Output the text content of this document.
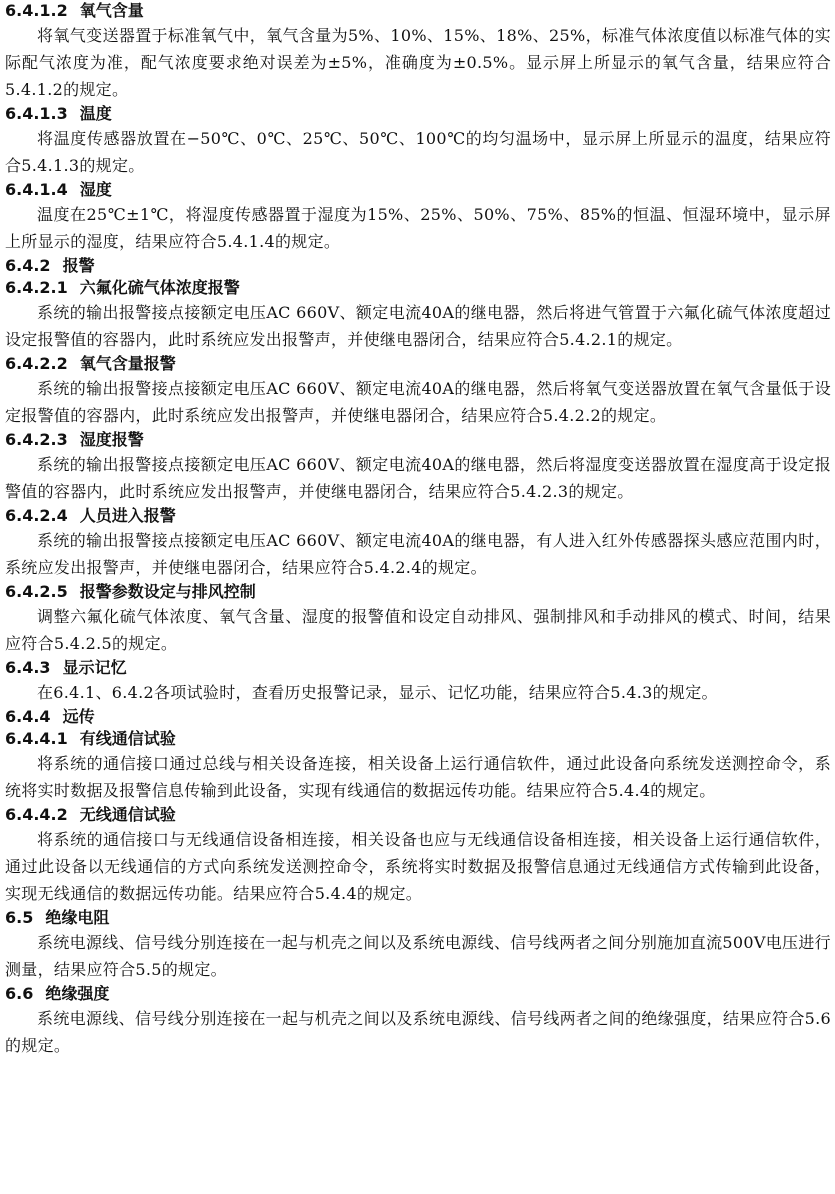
6.4.1.2 氧气含量

将氧气变送器置于标准氧气中，氧气含量为5%、10%、15%、18%、25%，标准气体浓度值以标准气体的实际配气浓度为准，配气浓度要求绝对误差为±5%，准确度为±0.5%。显示屏上所显示的氧气含量，结果应符合5.4.1.2的规定。

6.4.1.3 温度

将温度传感器放置在−50℃、0℃、25℃、50℃、100℃的均匀温场中，显示屏上所显示的温度，结果应符合5.4.1.3的规定。

6.4.1.4 湿度

温度在25℃±1℃，将湿度传感器置于湿度为15%、25%、50%、75%、85%的恒温、恒湿环境中，显示屏上所显示的湿度，结果应符合5.4.1.4的规定。

6.4.2 报警
6.4.2.1 六氟化硫气体浓度报警

系统的输出报警接点接额定电压AC 660V、额定电流40A的继电器，然后将进气管置于六氟化硫气体浓度超过设定报警值的容器内，此时系统应发出报警声，并使继电器闭合，结果应符合5.4.2.1的规定。

6.4.2.2 氧气含量报警

系统的输出报警接点接额定电压AC 660V、额定电流40A的继电器，然后将氧气变送器放置在氧气含量低于设定报警值的容器内，此时系统应发出报警声，并使继电器闭合，结果应符合5.4.2.2的规定。

6.4.2.3 湿度报警

系统的输出报警接点接额定电压AC 660V、额定电流40A的继电器，然后将湿度变送器放置在湿度高于设定报警值的容器内，此时系统应发出报警声，并使继电器闭合，结果应符合5.4.2.3的规定。

6.4.2.4 人员进入报警

系统的输出报警接点接额定电压AC 660V、额定电流40A的继电器，有人进入红外传感器探头感应范围内时，系统应发出报警声，并使继电器闭合，结果应符合5.4.2.4的规定。

6.4.2.5 报警参数设定与排风控制

调整六氟化硫气体浓度、氧气含量、湿度的报警值和设定自动排风、强制排风和手动排风的模式、时间，结果应符合5.4.2.5的规定。

6.4.3 显示记忆

在6.4.1、6.4.2各项试验时，查看历史报警记录，显示、记忆功能，结果应符合5.4.3的规定。

6.4.4 远传
6.4.4.1 有线通信试验

将系统的通信接口通过总线与相关设备连接，相关设备上运行通信软件，通过此设备向系统发送测控命令，系统将实时数据及报警信息传输到此设备，实现有线通信的数据远传功能。结果应符合5.4.4的规定。

6.4.4.2 无线通信试验

将系统的通信接口与无线通信设备相连接，相关设备也应与无线通信设备相连接，相关设备上运行通信软件，通过此设备以无线通信的方式向系统发送测控命令，系统将实时数据及报警信息通过无线通信方式传输到此设备，实现无线通信的数据远传功能。结果应符合5.4.4的规定。

6.5 绝缘电阻

系统电源线、信号线分别连接在一起与机壳之间以及系统电源线、信号线两者之间分别施加直流500V电压进行测量，结果应符合5.5的规定。

6.6 绝缘强度

系统电源线、信号线分别连接在一起与机壳之间以及系统电源线、信号线两者之间的绝缘强度，结果应符合5.6的规定。
